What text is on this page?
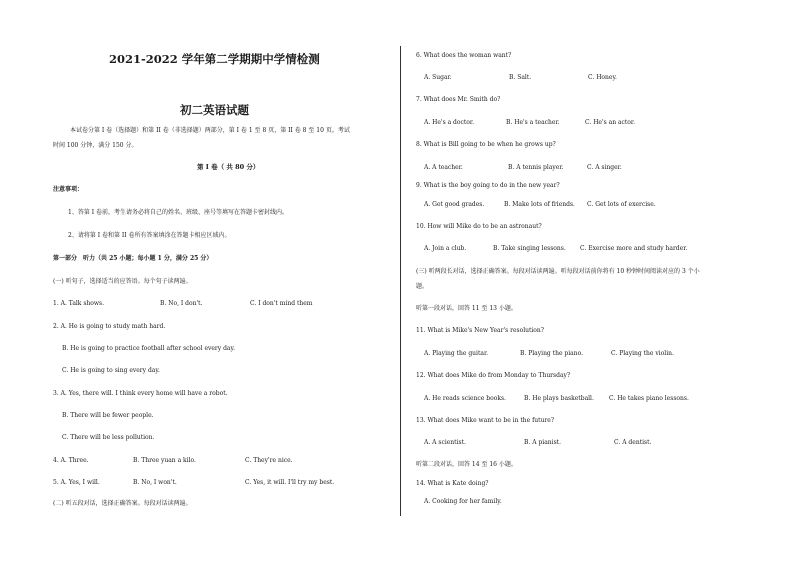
2021-2022 学年第二学期期中学情检测
初二英语试题
本试卷分第 I 卷（选择题）和第 II 卷（非选择题）两部分，第 I 卷 1 至 8 页，第 II 卷 8 至 10 页。考试
时间 100 分钟，满分 150 分。
第 I 卷（ 共 80 分）
注意事项：
1、答第 I 卷前，考生请务必将自己的姓名、班级、座号等填写在答题卡密封线内。
2、请将第 I 卷和第 II 卷所有答案填涂在答题卡相应区域内。
第一部分　听力（共 25 小题；每小题 1 分，满分 25 分）
(一) 听句子，选择适当的应答语。每个句子读两遍。
1. A. Talk shows.	B. No, I don't.	C. I don't mind them
2. A. He is going to study math hard.
B. He is going to practice football after school every day.
C. He is going to sing every day.
3. A. Yes, there will. I think every home will have a robot.
B. There will be fewer people.
C. There will be less pollution.
4. A. Three.	B. Three yuan a kilo.	C. They're nice.
5. A. Yes, I will.	B. No, I won't.	C. Yes, it will. I'll try my best.
(二) 听五段对话，选择正确答案。每段对话读两遍。
6. What does the woman want?
A. Sugar.	B. Salt.	C. Honey.
7. What does Mr. Smith do?
A. He's a doctor.	B. He's a teacher.	C. He's an actor.
8. What is Bill going to be when he grows up?
A. A teacher.	B. A tennis player.	C. A singer.
9. What is the boy going to do in the new year?
A. Get good grades.	B. Make lots of friends. C. Get lots of exercise.
10. How will Mike do to be an astronaut?
A. Join a club.	B. Take singing lessons. C. Exercise more and study harder.
(三) 听两段长对话，选择正确答案。每段对话读两遍。听每段对话前你将有 10 秒钟时间阅读对应的 3 个小
题。
听第一段对话，回答 11 至 13 小题。
11. What is Mike's New Year's resolution?
A. Playing the guitar.	B. Playing the piano.	C. Playing the violin.
12. What does Mike do from Monday to Thursday?
A. He reads science books.	B. He plays basketball.	C. He takes piano lessons.
13. What does Mike want to be in the future?
A. A scientist.	B. A pianist.	C. A dentist.
听第二段对话，回答 14 至 16 小题。
14. What is Kate doing?
A. Cooking for her family.
